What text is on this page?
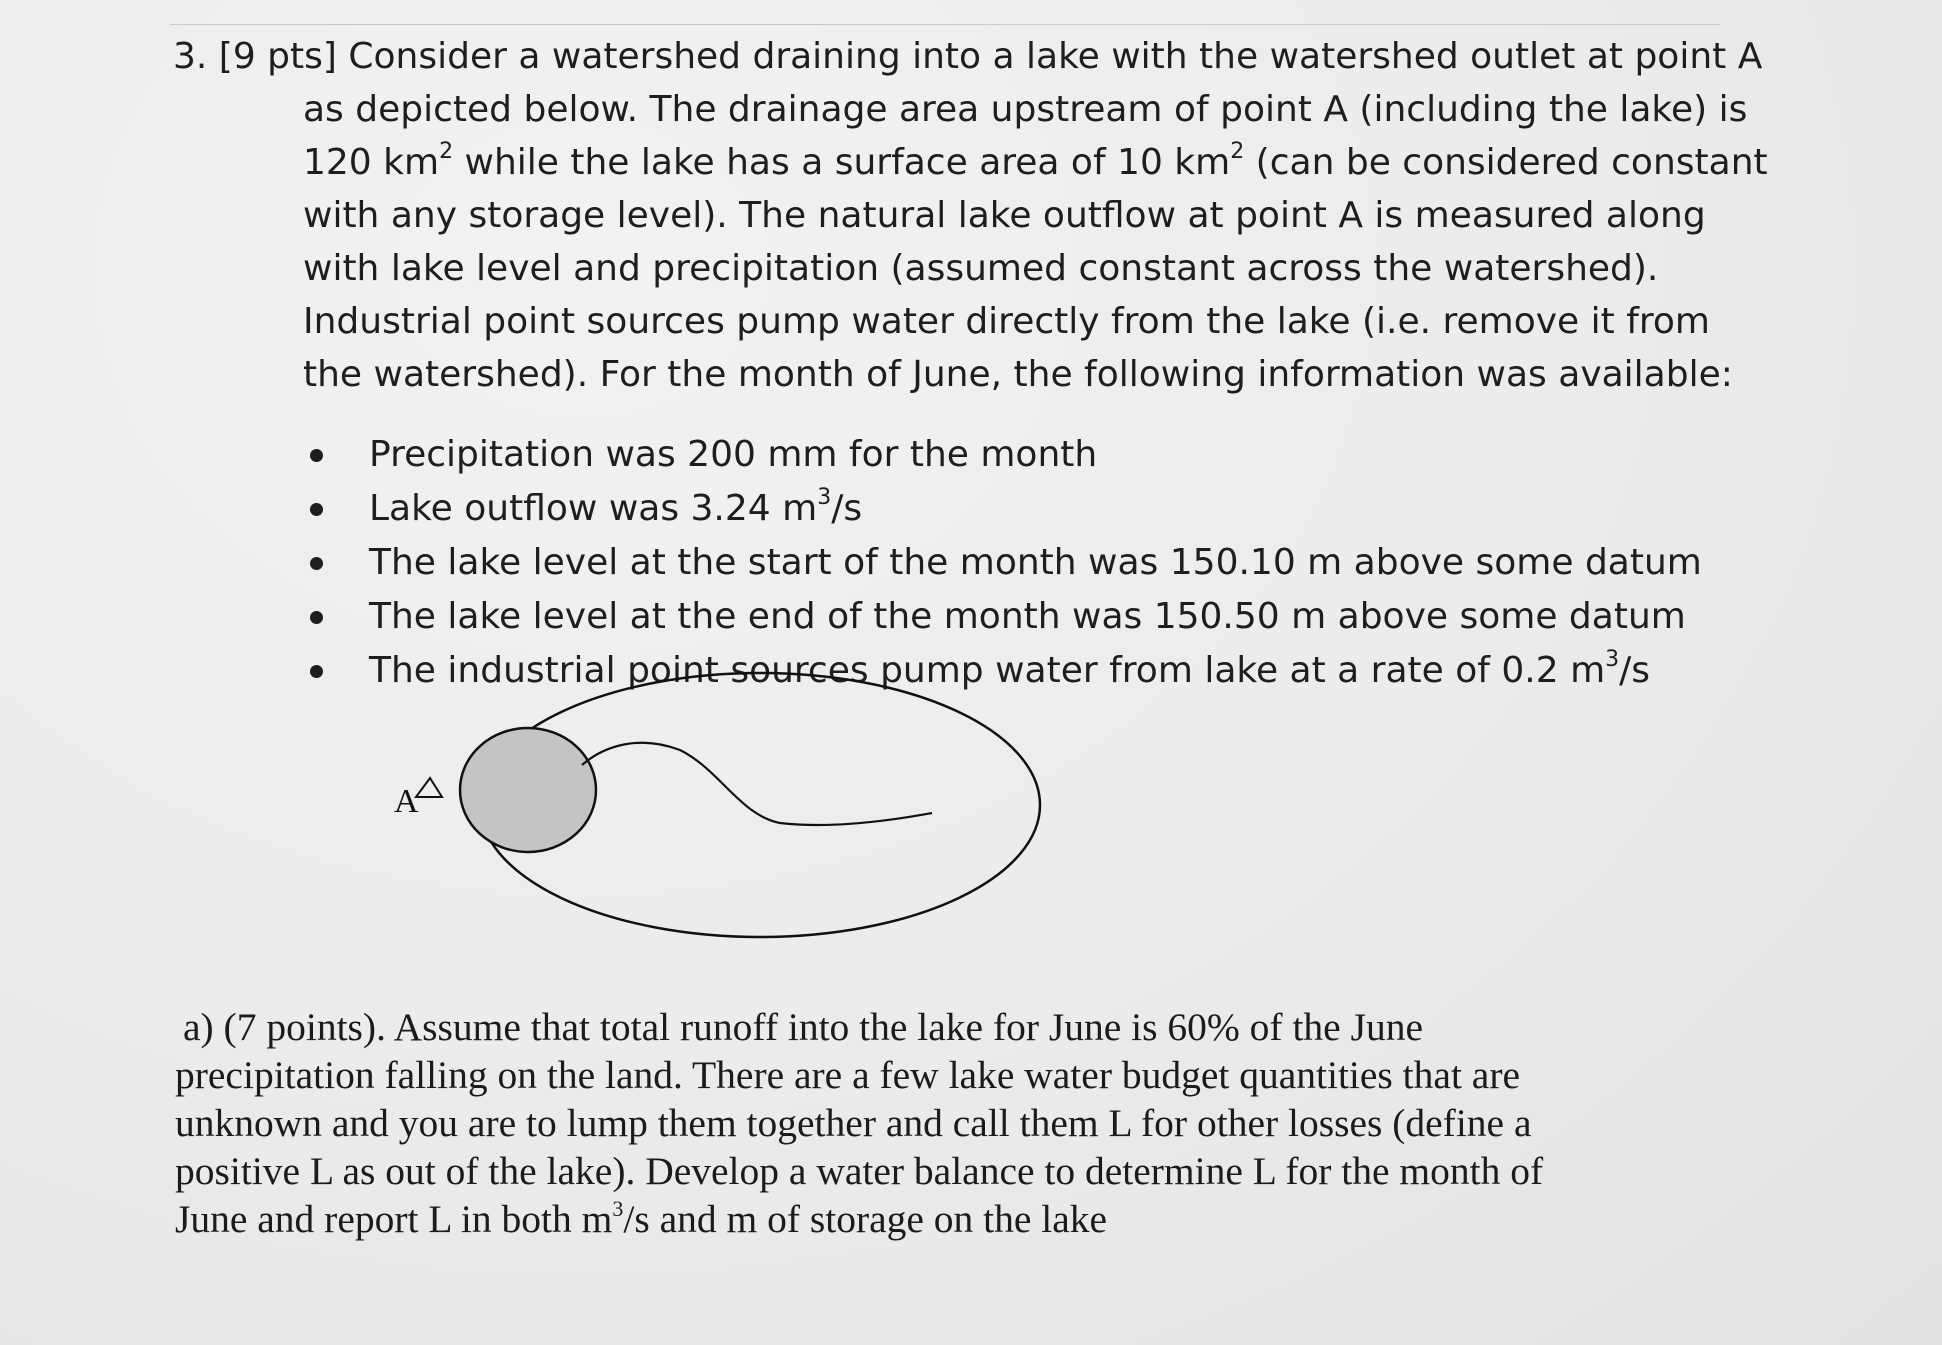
3. [9 pts] Consider a watershed draining into a lake with the watershed outlet at point A
as depicted below. The drainage area upstream of point A (including the lake) is
120 $km^2$ while the lake has a surface area of 10 $km^2$ (can be considered constant
with any storage level). The natural lake outflow at point A is measured along
with lake level and precipitation (assumed constant across the watershed).
Industrial point sources pump water directly from the lake (i.e. remove it from
the watershed). For the month of June, the following information was available:
Precipitation was 200 mm for the month
Lake outflow was 3.24 $m^3/s$
The lake level at the start of the month was 150.10 m above some datum
The lake level at the end of the month was 150.50 m above some datum
The industrial point sources pump water from lake at a rate of 0.2 $m^3/s$
A
a) (7 points). Assume that total runoff into the lake for June is 60% of the June
precipitation falling on the land. There are a few lake water budget quantities that are
unknown and you are to lump them together and call them L for other losses (define a
positive L as out of the lake). Develop a water balance to determine L for the month of
June and report L in both $m^3/s$ and m of storage on the lake
